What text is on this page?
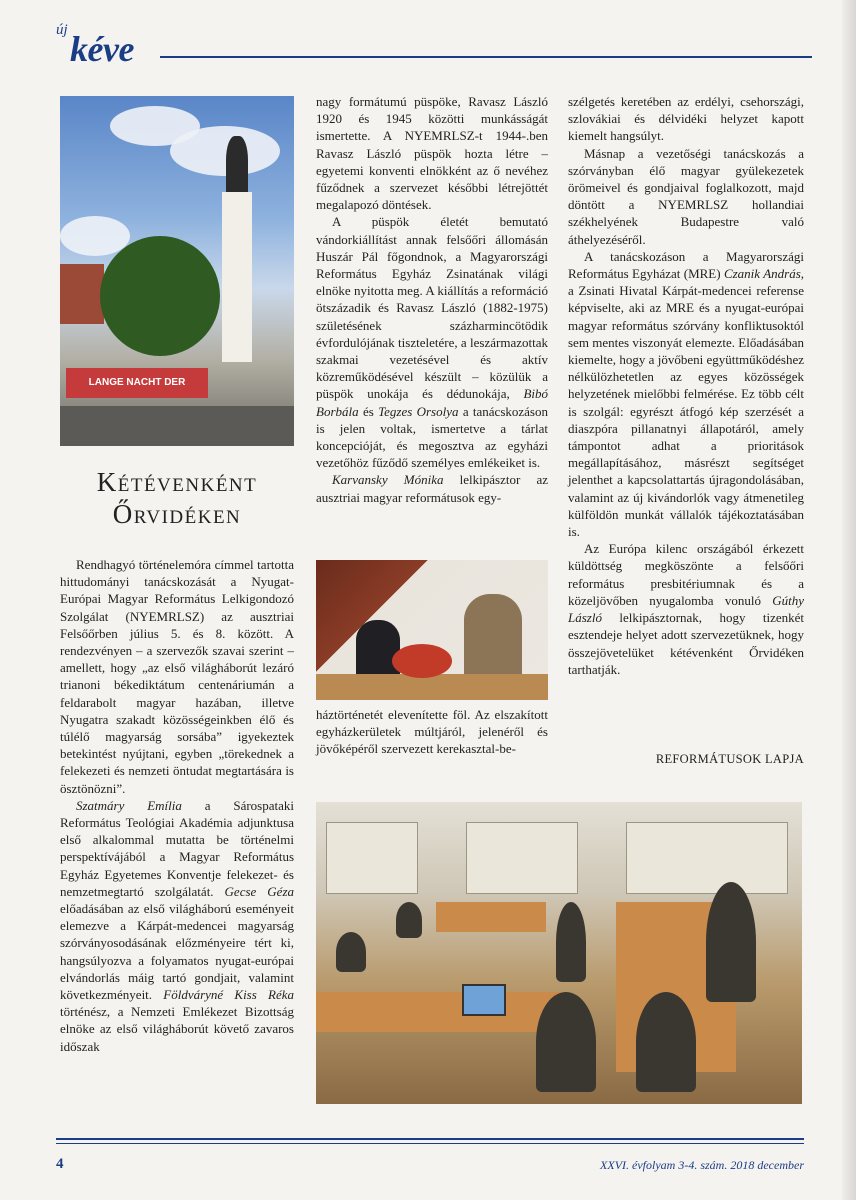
új kéve
LANGE NACHT DER
Kétévenként
Őrvidéken

Rendhagyó történelemóra címmel tartotta hittudományi tanácskozását a Nyugat-Európai Magyar Református Lelkigondozó Szolgálat (NYEMRLSZ) az ausztriai Felsőőrben július 5. és 8. között. A rendezvényen – a szervezők szavai szerint – amellett, hogy „az első világháborút lezáró trianoni békediktátum centenáriumán a feldarabolt magyar hazában, illetve Nyugatra szakadt közösségeinkben élő és túlélő magyarság sorsába” igyekeztek betekintést nyújtani, egyben „törekednek a felekezeti és nemzeti öntudat megtartására is ösztönözni”.

Szatmáry Emília a Sárospataki Református Teológiai Akadémia adjunktusa első alkalommal mutatta be történelmi perspektívájából a Magyar Református Egyház Egyetemes Konventje felekezet- és nemzetmegtartó szolgálatát. Gecse Géza előadásában az első világháború eseményeit elemezve a Kárpát-medencei magyarság szórványosodásának előzményeire tért ki, hangsúlyozva a folyamatos nyugat-európai elvándorlás máig tartó gondjait, valamint következményeit. Földváryné Kiss Réka történész, a Nemzeti Emlékezet Bizottság elnöke az első világháborút követő zavaros időszak

nagy formátumú püspöke, Ravasz László 1920 és 1945 közötti munkásságát ismertette. A NYEMRLSZ-t 1944-.ben Ravasz László püspök hozta létre – egyetemi konventi elnökként az ő nevéhez fűződnek a szervezet későbbi létrejöttét megalapozó döntések.

A püspök életét bemutató vándorkiállítást annak felsőőri állomásán Huszár Pál főgondnok, a Magyarországi Református Egyház Zsinatának világi elnöke nyitotta meg. A kiállítás a reformáció ötszázadik és Ravasz László (1882-1975) születésének százharmincötödik évfordulójának tiszteletére, a leszármazottak szakmai vezetésével és aktív közreműködésével készült – közülük a püspök unokája és dédunokája, Bibó Borbála és Tegzes Orsolya a tanácskozáson is jelen voltak, ismertetve a tárlat koncepcióját, és megosztva az egyházi vezetőhöz fűződő személyes emlékeiket is.

Karvansky Mónika lelkipásztor az ausztriai magyar reformátusok egy-

háztörténetét elevenítette föl. Az elszakított egyházkerületek múltjáról, jelenéről és jövőképéről szervezett kerekasztal-be-

szélgetés keretében az erdélyi, csehországi, szlovákiai és délvidéki helyzet kapott kiemelt hangsúlyt.

Másnap a vezetőségi tanácskozás a szórványban élő magyar gyülekezetek örömeivel és gondjaival foglalkozott, majd döntött a NYEMRLSZ hollandiai székhelyének Budapestre való áthelyezéséről.

A tanácskozáson a Magyarországi Református Egyházat (MRE) Czanik András, a Zsinati Hivatal Kárpát-medencei referense képviselte, aki az MRE és a nyugat-európai magyar református szórvány konfliktusoktól sem mentes viszonyát elemezte. Előadásában kiemelte, hogy a jövőbeni együttműködéshez nélkülözhetetlen az egyes közösségek helyzetének mielőbbi felmérése. Ez több célt is szolgál: egyrészt átfogó kép szerzését a diaszpóra pillanatnyi állapotáról, amely támpontot adhat a prioritások megállapításához, másrészt segítséget jelenthet a kapcsolattartás újragondolásában, valamint az új kivándorlók vagy átmenetileg külföldön munkát vállalók tájékoztatásában is.

Az Európa kilenc országából érkezett küldöttség megköszönte a felsőőri református presbitériumnak és a közeljövőben nyugalomba vonuló Gúthy László lelkipásztornak, hogy tizenkét esztendeje helyet adott szervezetüknek, hogy összejövetelüket kétévenként Őrvidéken tarthatják.

REFORMÁTUSOK LAPJA
4	XXVI. évfolyam 3-4. szám. 2018 december
